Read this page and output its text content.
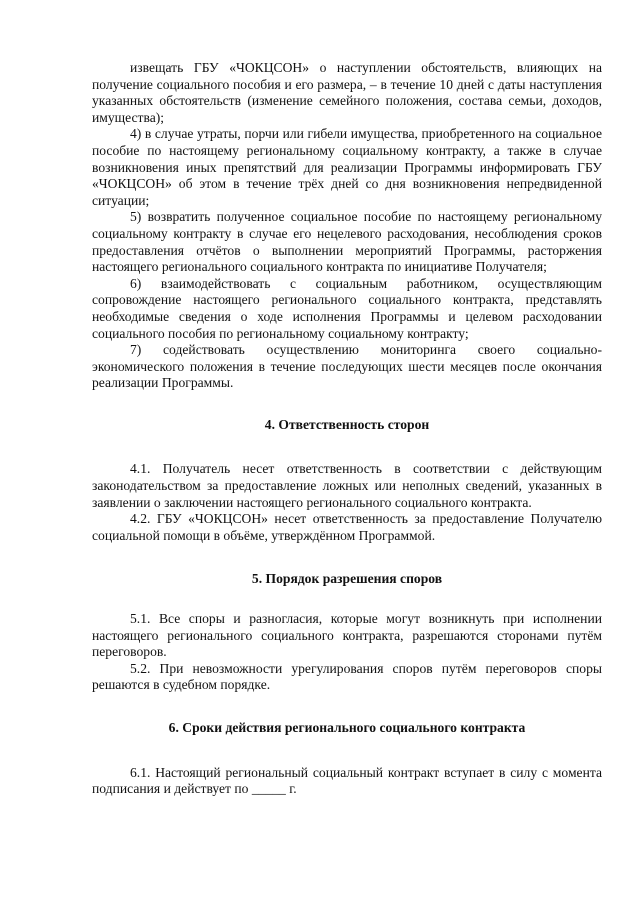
извещать ГБУ «ЧОКЦСОН» о наступлении обстоятельств, влияющих на получение социального пособия и его размера, – в течение 10 дней с даты наступления указанных обстоятельств (изменение семейного положения, состава семьи, доходов, имущества);

4) в случае утраты, порчи или гибели имущества, приобретенного на социальное пособие по настоящему региональному социальному контракту, а также в случае возникновения иных препятствий для реализации Программы информировать ГБУ «ЧОКЦСОН» об этом в течение трёх дней со дня возникновения непредвиденной ситуации;

5) возвратить полученное социальное пособие по настоящему региональному социальному контракту в случае его нецелевого расходования, несоблюдения сроков предоставления отчётов о выполнении мероприятий Программы, расторжения настоящего регионального социального контракта по инициативе Получателя;

6) взаимодействовать с социальным работником, осуществляющим сопровождение настоящего регионального социального контракта, представлять необходимые сведения о ходе исполнения Программы и целевом расходовании социального пособия по региональному социальному контракту;

7) содействовать осуществлению мониторинга своего социально-экономического положения в течение последующих шести месяцев после окончания реализации Программы.

4. Ответственность сторон

4.1. Получатель несет ответственность в соответствии с действующим законодательством за предоставление ложных или неполных сведений, указанных в заявлении о заключении настоящего регионального социального контракта.

4.2. ГБУ «ЧОКЦСОН» несет ответственность за предоставление Получателю социальной помощи в объёме, утверждённом Программой.

5. Порядок разрешения споров

5.1. Все споры и разногласия, которые могут возникнуть при исполнении настоящего регионального социального контракта, разрешаются сторонами путём переговоров.

5.2. При невозможности урегулирования споров путём переговоров споры решаются в судебном порядке.

6. Сроки действия регионального социального контракта

6.1. Настоящий региональный социальный контракт вступает в силу с момента подписания и действует по _____ г.
